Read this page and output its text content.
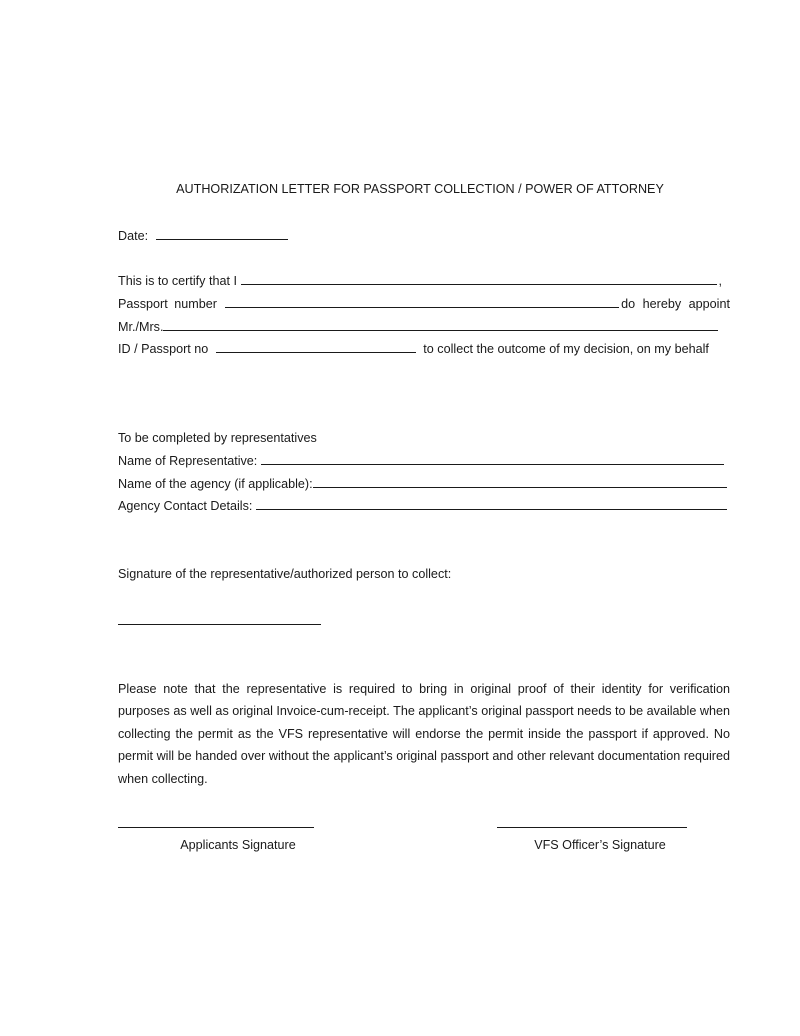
AUTHORIZATION LETTER FOR PASSPORT COLLECTION / POWER OF ATTORNEY
Date:
This is to certify that I	,
Passport number	do hereby appoint
Mr./Mrs.
ID / Passport no	to collect the outcome of my decision, on my behalf
To be completed by representatives
Name of Representative:
Name of the agency (if applicable):
Agency Contact Details:
Signature of the representative/authorized person to collect:
Please note that the representative is required to bring in original proof of their identity for verification purposes as well as original Invoice-cum-receipt. The applicant’s original passport needs to be available when collecting the permit as the VFS representative will endorse the permit inside the passport if approved. No permit will be handed over without the applicant’s original passport and other relevant documentation required when collecting.
Applicants Signature	VFS Officer’s Signature
